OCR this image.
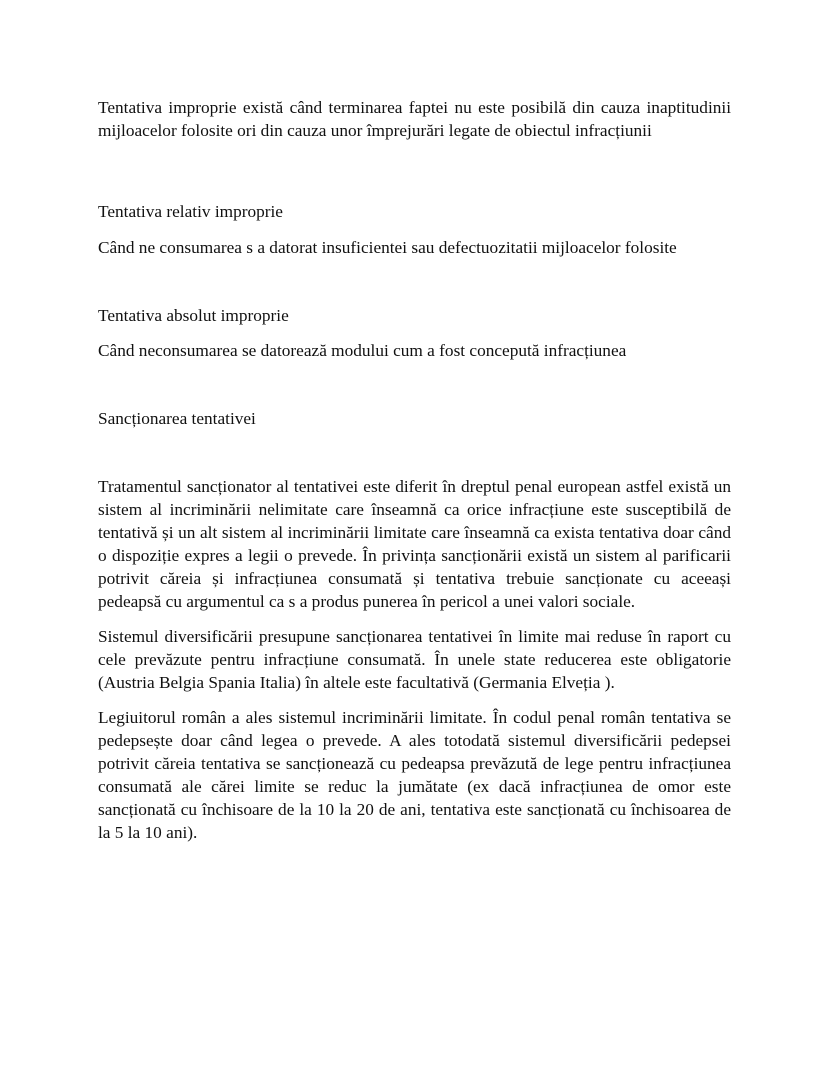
Tentativa improprie există când terminarea faptei nu este posibilă din cauza inaptitudinii mijloacelor folosite ori din cauza unor împrejurări legate de obiectul infracțiunii

Tentativa relativ improprie

Când ne consumarea s a datorat insuficientei sau defectuozitatii mijloacelor folosite

Tentativa absolut improprie

Când neconsumarea se datorează modului cum a fost concepută infracțiunea

Sancționarea tentativei

Tratamentul sancționator al tentativei este diferit în dreptul penal european astfel există un sistem al incriminării nelimitate care înseamnă ca orice infracțiune este susceptibilă de tentativă și un alt sistem al incriminării limitate care înseamnă ca exista tentativa doar când o dispoziție expres a legii o prevede. În privința sancționării există un sistem al parificarii potrivit căreia și infracțiunea consumată și tentativa trebuie sancționate cu aceeași pedeapsă cu argumentul ca s a produs punerea în pericol a unei valori sociale.

Sistemul diversificării presupune sancționarea tentativei în limite mai reduse în raport cu cele prevăzute pentru infracțiune consumată. În unele state reducerea este obligatorie (Austria Belgia Spania Italia) în altele este facultativă (Germania Elveția ).

Legiuitorul român a ales sistemul incriminării limitate. În codul penal român tentativa se pedepsește doar când legea o prevede. A ales totodată sistemul diversificării pedepsei potrivit căreia tentativa se sancționează cu pedeapsa prevăzută de lege pentru infracțiunea consumată ale cărei limite se reduc la jumătate (ex dacă infracțiunea de omor este sancționată cu închisoare de la 10 la 20 de ani, tentativa este sancționată cu închisoarea de la 5 la 10 ani).
